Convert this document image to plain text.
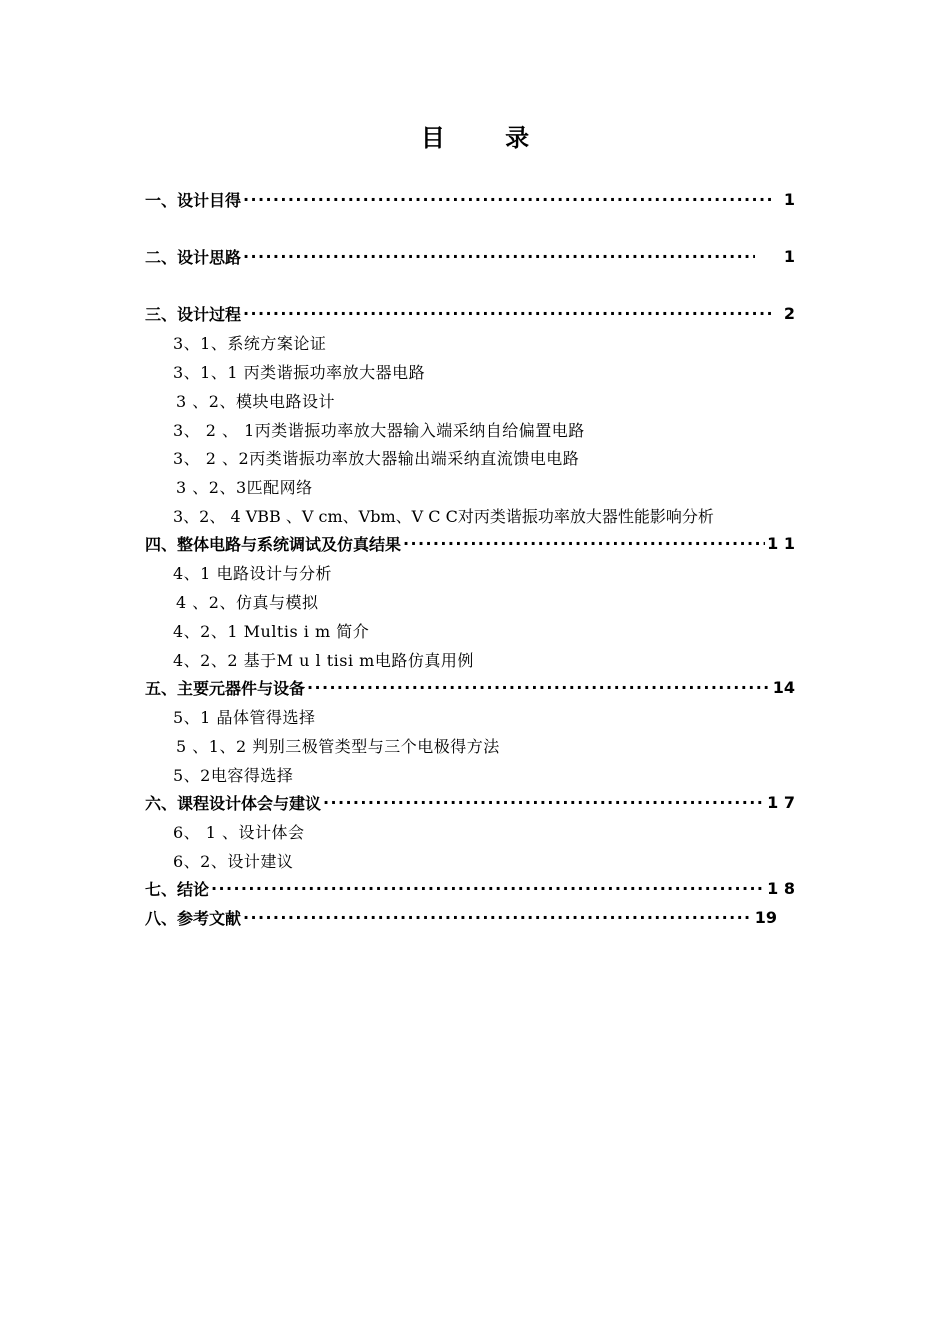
目 录
一、设计目得 ·····	1
二、设计思路 ·····	1
三、设计过程 ·····	2
3、1、系统方案论证
3、1、1 丙类谐振功率放大器电路
3 、2、模块电路设计
3、 2 、 1丙类谐振功率放大器输入端采纳自给偏置电路
3、 2 、2丙类谐振功率放大器输出端采纳直流馈电电路
3 、2、3匹配网络
3、2、 4 VBB 、V cm、Vbm、V C C对丙类谐振功率放大器性能影响分析
四、整体电路与系统调试及仿真结果 ·····	1 1
4、1 电路设计与分析
4 、2、仿真与模拟
4、2、1 Multis i m 简介
4、2、2 基于M u l tisi m电路仿真用例
五、主要元器件与设备 ·····	14
5、1 晶体管得选择
5 、1、2 判别三极管类型与三个电极得方法
5、2电容得选择
六、课程设计体会与建议 ·····	1 7
6、 1 、设计体会
6、2、设计建议
七、结论 ·····	1 8
八、参考文献 ·····	19
